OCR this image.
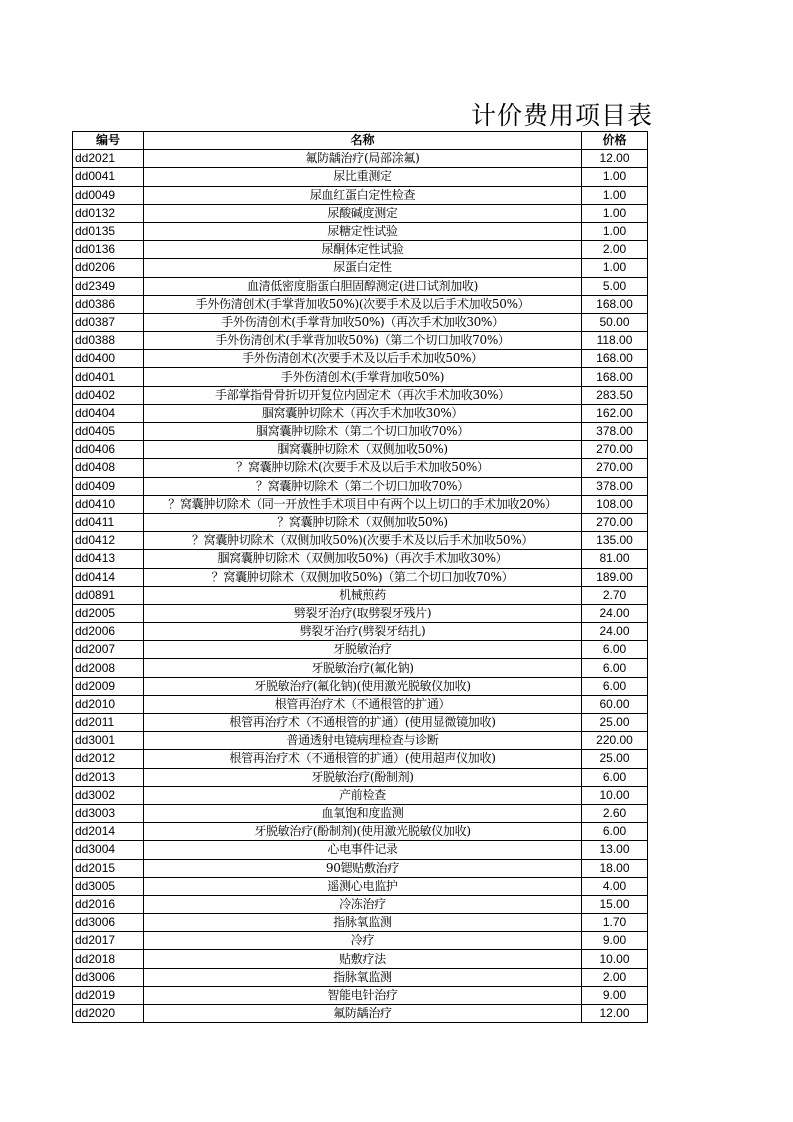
计价费用项目表
编号	名称	价格
dd2021	氟防龋治疗(局部涂氟)	12.00
dd0041	尿比重测定	1.00
dd0049	尿血红蛋白定性检查	1.00
dd0132	尿酸碱度测定	1.00
dd0135	尿糖定性试验	1.00
dd0136	尿酮体定性试验	2.00
dd0206	尿蛋白定性	1.00
dd2349	血清低密度脂蛋白胆固醇测定(进口试剂加收)	5.00
dd0386	手外伤清创术(手掌背加收50%)(次要手术及以后手术加收50%）	168.00
dd0387	手外伤清创术(手掌背加收50%)（再次手术加收30%）	50.00
dd0388	手外伤清创术(手掌背加收50%)（第二个切口加收70%）	118.00
dd0400	手外伤清创术(次要手术及以后手术加收50%）	168.00
dd0401	手外伤清创术(手掌背加收50%)	168.00
dd0402	手部掌指骨骨折切开复位内固定术（再次手术加收30%）	283.50
dd0404	腘窝囊肿切除术（再次手术加收30%）	162.00
dd0405	腘窝囊肿切除术（第二个切口加收70%）	378.00
dd0406	腘窝囊肿切除术（双侧加收50%)	270.00
dd0408	？窝囊肿切除术(次要手术及以后手术加收50%）	270.00
dd0409	？窝囊肿切除术（第二个切口加收70%）	378.00
dd0410	？窝囊肿切除术（同一开放性手术项目中有两个以上切口的手术加收20%）	108.00
dd0411	？窝囊肿切除术（双侧加收50%)	270.00
dd0412	？窝囊肿切除术（双侧加收50%)(次要手术及以后手术加收50%）	135.00
dd0413	腘窝囊肿切除术（双侧加收50%)（再次手术加收30%）	81.00
dd0414	？窝囊肿切除术（双侧加收50%)（第二个切口加收70%）	189.00
dd0891	机械煎药	2.70
dd2005	劈裂牙治疗(取劈裂牙残片)	24.00
dd2006	劈裂牙治疗(劈裂牙结扎)	24.00
dd2007	牙脱敏治疗	6.00
dd2008	牙脱敏治疗(氟化钠)	6.00
dd2009	牙脱敏治疗(氟化钠)(使用激光脱敏仪加收)	6.00
dd2010	根管再治疗术（不通根管的扩通）	60.00
dd2011	根管再治疗术（不通根管的扩通）(使用显微镜加收)	25.00
dd3001	普通透射电镜病理检查与诊断	220.00
dd2012	根管再治疗术（不通根管的扩通）(使用超声仪加收)	25.00
dd2013	牙脱敏治疗(酚制剂)	6.00
dd3002	产前检查	10.00
dd3003	血氧饱和度监测	2.60
dd2014	牙脱敏治疗(酚制剂)(使用激光脱敏仪加收)	6.00
dd3004	心电事件记录	13.00
dd2015	90锶贴敷治疗	18.00
dd3005	遥测心电监护	4.00
dd2016	冷冻治疗	15.00
dd3006	指脉氧监测	1.70
dd2017	冷疗	9.00
dd2018	贴敷疗法	10.00
dd3006	指脉氧监测	2.00
dd2019	智能电针治疗	9.00
dd2020	氟防龋治疗	12.00
